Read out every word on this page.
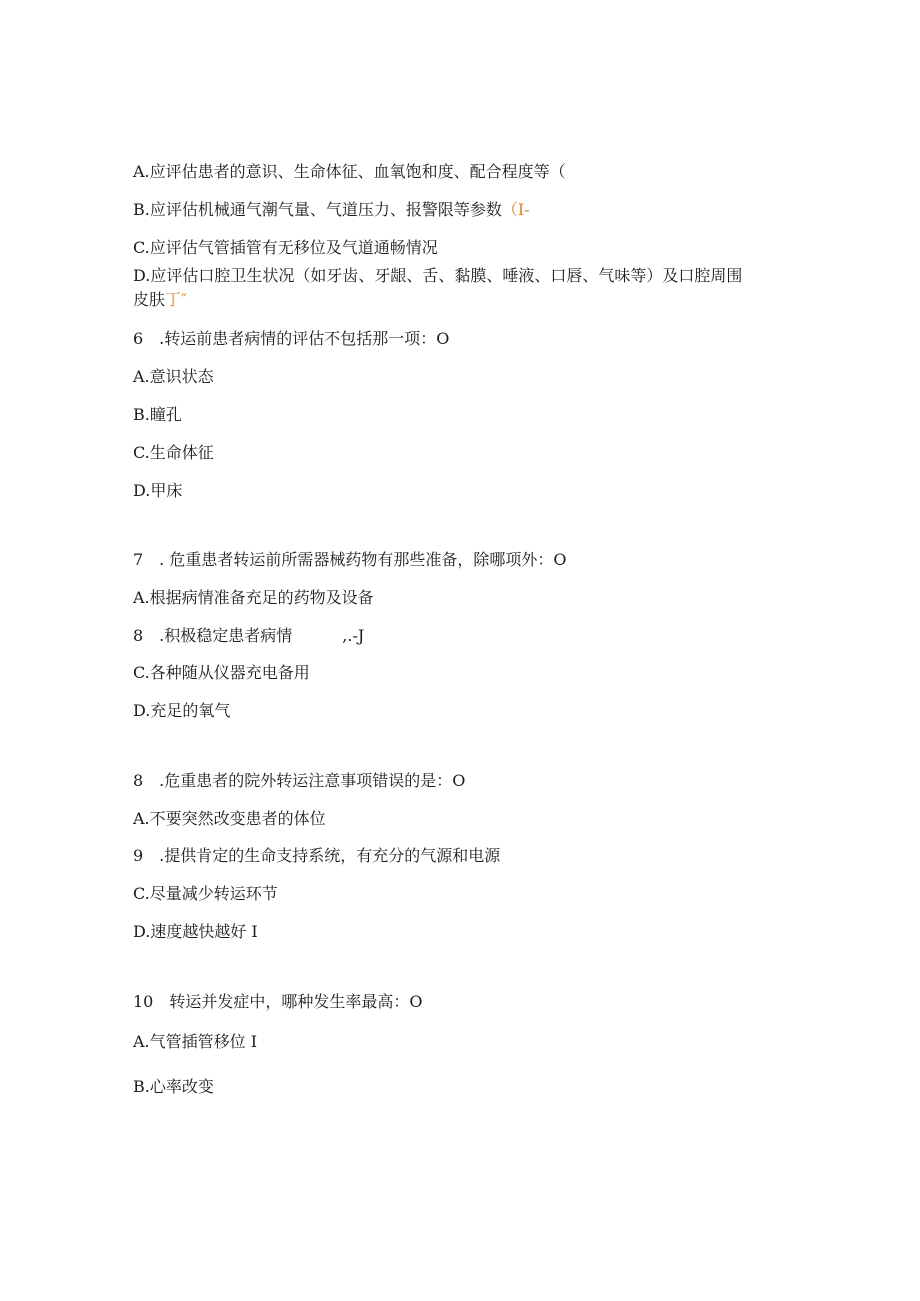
A.应评估患者的意识、生命体征、血氧饱和度、配合程度等（
B.应评估机械通气潮气量、气道压力、报警限等参数（I-
C.应评估气管插管有无移位及气道通畅情况
D.应评估口腔卫生状况（如牙齿、牙龈、舌、黏膜、唾液、口唇、气味等）及口腔周围
皮肤丁″
6　.转运前患者病情的评估不包括那一项：O
A.意识状态
B.瞳孔
C.生命体征
D.甲床
7　. 危重患者转运前所需器械药物有那些准备，除哪项外：O
A.根据病情准备充足的药物及设备
8　.积极稳定患者病情	,.-J
C.各种随从仪器充电备用
D.充足的氧气
8　.危重患者的院外转运注意事项错误的是：O
A.不要突然改变患者的体位
9　.提供肯定的生命支持系统，有充分的气源和电源
C.尽量减少转运环节
D.速度越快越好 I
10　转运并发症中，哪种发生率最高：O
A.气管插管移位 I
B.心率改变
